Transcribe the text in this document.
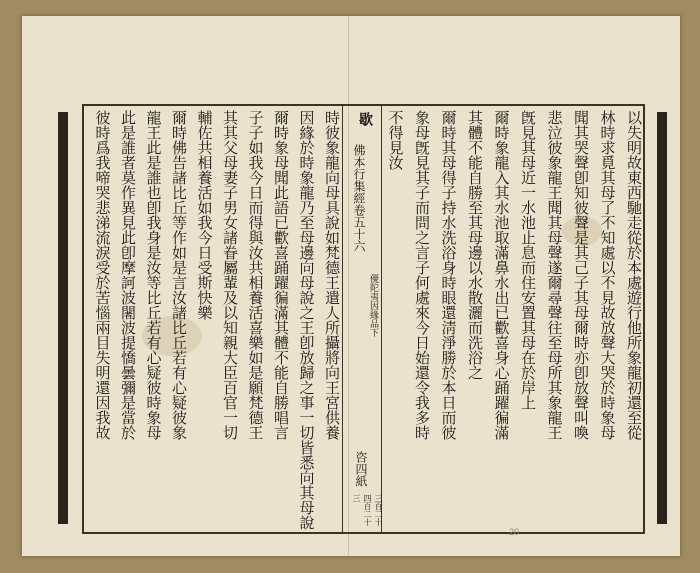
以失明故東西馳走從於本處遊行他所象龍初還至從
林時求覓其母了不知處以不見故放聲大哭於時象母
聞其哭聲卽知彼聲是其己子其母爾時亦卽放聲叫喚
悲泣彼象龍王聞其母聲遂爾尋聲往至母所其象龍王
旣見其母近一水池止息而住安置其母在於岸上
爾時象龍入其水池取滿鼻水出已歡喜身心踊躍徧滿
其體不能自勝至其母邊以水散灑而洗浴之
爾時其母得子持水洗浴身時眼還淸淨勝於本日而彼
象母旣見其子而問之言子何處來今日始還令我多時
不得見汝
歇
佛本行集經卷五十六
優陀夷因緣品下
咨四紙
三百二十 四百二十三
時彼象龍向母具說如梵德王遣人所攝將向王宮供養
因緣於時象龍乃至母邊向母說之王卽放歸之事一切皆悉向其母說
爾時象母聞此語已歡喜踊躍徧滿其體不能自勝唱言
子子如我今日而得與汝共相養活喜樂如是願梵德王
其其父母妻子男女諸眷屬輩及以知親大臣百官一切
輔佐共相養活如我今日受斯快樂
爾時佛告諸比丘等作如是言汝諸比丘若有心疑彼象
龍王此是誰也卽我身是汝等比丘若有心疑彼時象母
此是誰者莫作異見此卽摩訶波闍波提憍曇彌是當於
彼時爲我啼哭悲涕流淚受於苦惱兩目失明還因我故
20
